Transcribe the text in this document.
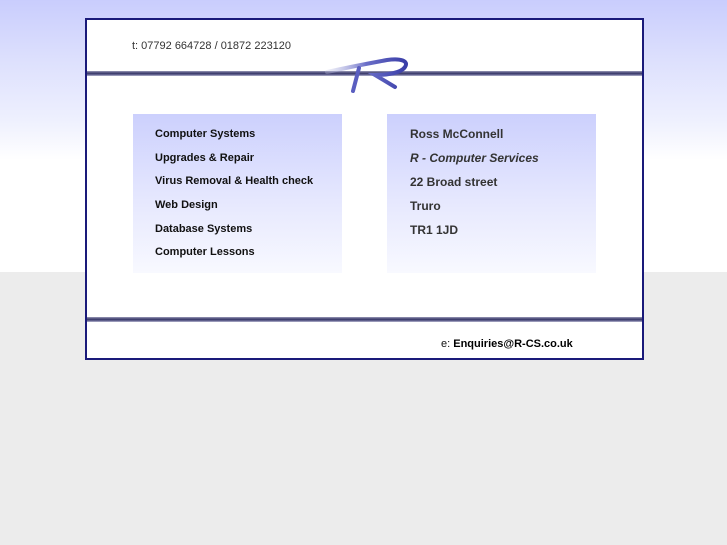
t: 07792 664728 / 01872 223120
Computer Systems
Upgrades & Repair
Virus Removal & Health check
Web Design
Database Systems
Computer Lessons
Ross McConnell
R - Computer Services
22 Broad street
Truro
TR1 1JD
e: Enquiries@R-CS.co.uk
